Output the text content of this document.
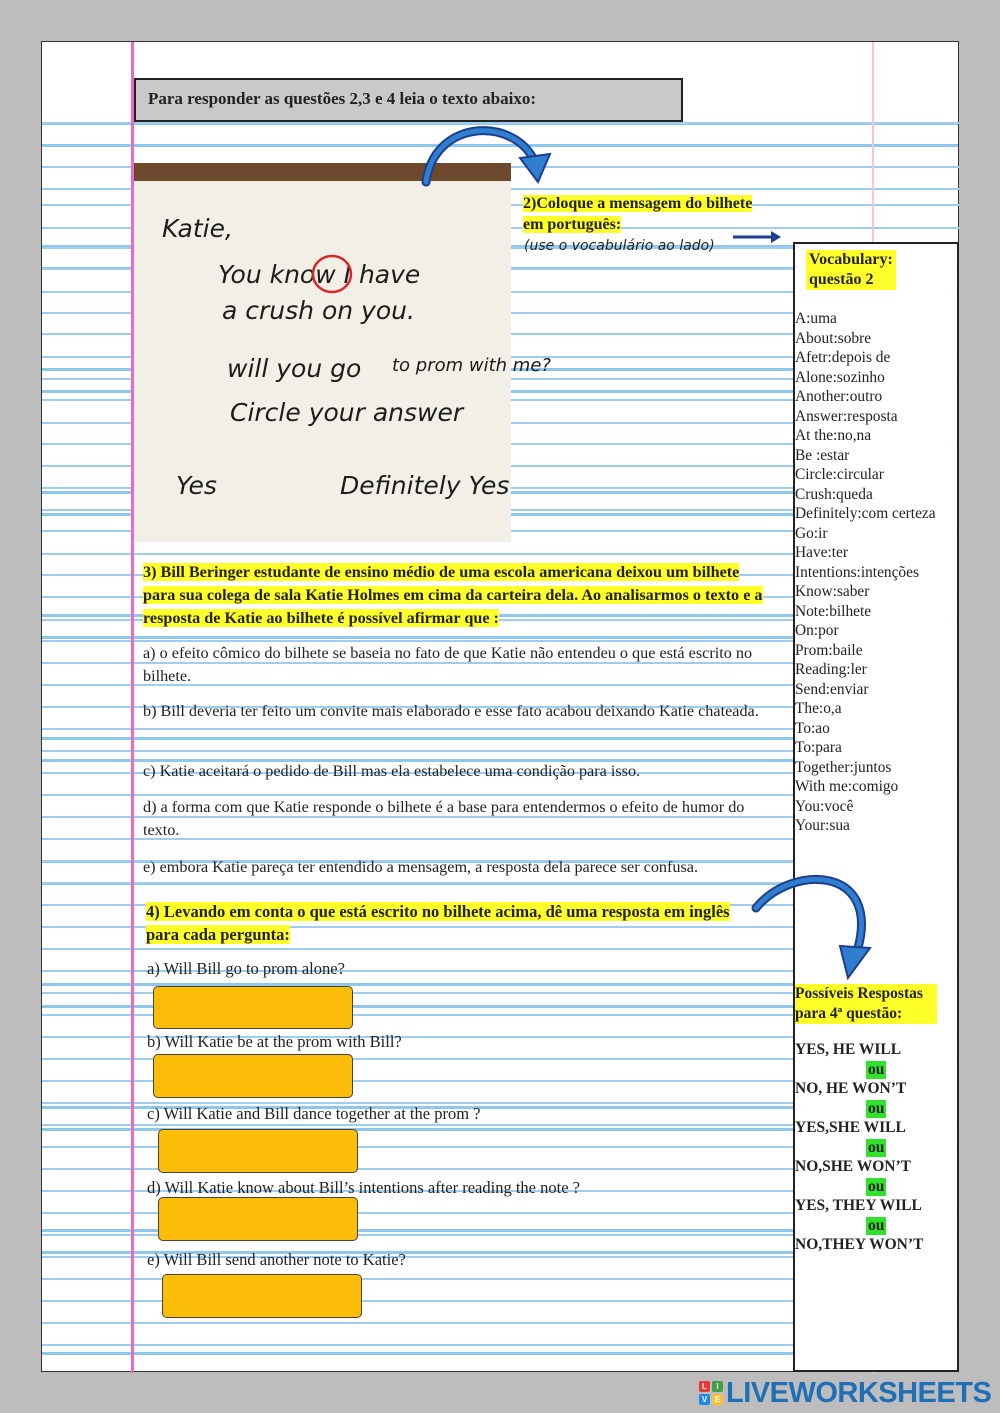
Para responder as questões 2,3 e 4 leia o texto abaixo:
Katie,
You know I have
a crush on you.
will you go to prom with me?
Circle your answer
Yes	Definitely Yes
2)Coloque a mensagem do bilhete em português:
(use o vocabulário ao lado)
Vocabulary:
questão 2
A:uma
About:sobre
Afetr:depois de
Alone:sozinho
Another:outro
Answer:resposta
At the:no,na
Be :estar
Circle:circular
Crush:queda
Definitely:com certeza
Go:ir
Have:ter
Intentions:intenções
Know:saber
Note:bilhete
On:por
Prom:baile
Reading:ler
Send:enviar
The:o,a
To:ao
To:para
Together:juntos
With me:comigo
You:você
Your:sua
3) Bill Beringer estudante de ensino médio de uma escola americana deixou um bilhete para sua colega de sala Katie Holmes em cima da carteira dela. Ao analisarmos o texto e a resposta de Katie ao bilhete é possível afirmar que :
a) o efeito cômico do bilhete se baseia no fato de que Katie não entendeu o que está escrito no bilhete.
b) Bill deveria ter feito um convite mais elaborado e esse fato acabou deixando Katie chateada.
c) Katie aceitará o pedido de Bill mas ela estabelece uma condição para isso.
d) a forma com que Katie responde o bilhete é a base para entendermos o efeito de humor do texto.
e) embora Katie pareça ter entendido a mensagem, a resposta dela parece ser confusa.
4) Levando em conta o que está escrito no bilhete acima, dê uma resposta em inglês para cada pergunta:
a) Will Bill go to prom alone?
b) Will Katie be at the prom with Bill?
c) Will Katie and Bill dance together at the prom ?
d) Will Katie know about Bill’s intentions after reading the note ?
e) Will Bill send another note to Katie?
Possíveis Respostas para 4ª questão:
YES, HE WILL
ou
NO, HE WON’T
ou
YES,SHE WILL
ou
NO,SHE WON’T
ou
YES, THEY WILL
ou
NO,THEY WON’T
L	I
V E LIVEWORKSHEETS
